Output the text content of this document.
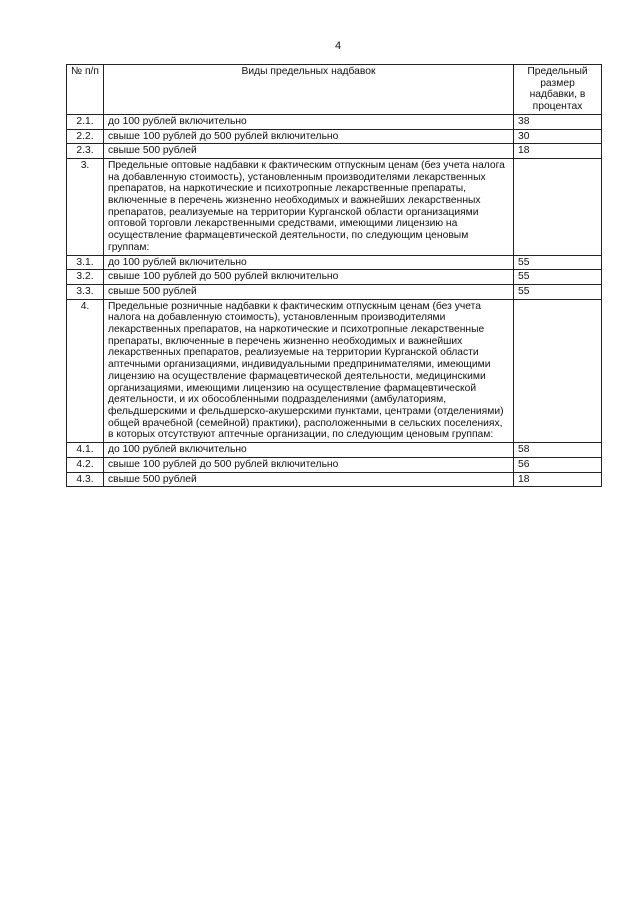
4
№ п/п	Виды предельных надбавок	Предельный размер надбавки, в процентах
2.1.	до 100 рублей включительно	38
2.2.	свыше 100 рублей до 500 рублей включительно	30
2.3.	свыше 500 рублей	18
3.	Предельные оптовые надбавки к фактическим отпускным ценам (без учета налога на добавленную стоимость), установленным производителями лекарственных препаратов, на наркотические и психотропные лекарственные препараты, включенные в перечень жизненно необходимых и важнейших лекарственных препаратов, реализуемые на территории Курганской области организациями оптовой торговли лекарственными средствами, имеющими лицензию на осуществление фармацевтической деятельности, по следующим ценовым группам:	
3.1.	до 100 рублей включительно	55
3.2.	свыше 100 рублей до 500 рублей включительно	55
3.3.	свыше 500 рублей	55
4.	Предельные розничные надбавки к фактическим отпускным ценам (без учета налога на добавленную стоимость), установленным производителями лекарственных препаратов, на наркотические и психотропные лекарственные препараты, включенные в перечень жизненно необходимых и важнейших лекарственных препаратов, реализуемые на территории Курганской области аптечными организациями, индивидуальными предпринимателями, имеющими лицензию на осуществление фармацевтической деятельности, медицинскими организациями, имеющими лицензию на осуществление фармацевтической деятельности, и их обособленными подразделениями (амбулаториям, фельдшерскими и фельдшерско-акушерскими пунктами, центрами (отделениями) общей врачебной (семейной) практики), расположенными в сельских поселениях, в которых отсутствуют аптечные организации, по следующим ценовым группам:	
4.1.	до 100 рублей включительно	58
4.2.	свыше 100 рублей до 500 рублей включительно	56
4.3.	свыше 500 рублей	18
